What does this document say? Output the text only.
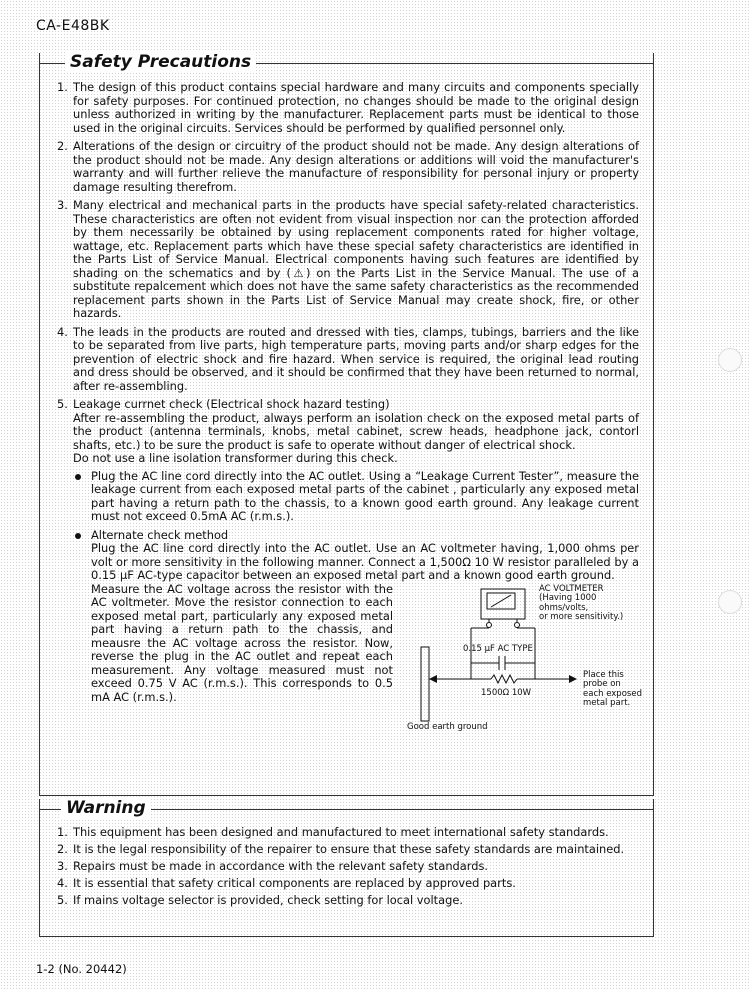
CA-E48BK
Safety Precautions
1. The design of this product contains special hardware and many circuits and components specially for safety purposes. For continued protection, no changes should be made to the original design unless authorized in writing by the manufacturer. Replacement parts must be identical to those used in the original circuits. Services should be performed by qualified personnel only.

2. Alterations of the design or circuitry of the product should not be made. Any design alterations of the product should not be made. Any design alterations or additions will void the manufacturer's warranty and will further relieve the manufacture of responsibility for personal injury or property damage resulting therefrom.

3. Many electrical and mechanical parts in the products have special safety-related characteristics. These characteristics are often not evident from visual inspection nor can the protection afforded by them necessarily be obtained by using replacement components rated for higher voltage, wattage, etc. Replacement parts which have these special safety characteristics are identified in the Parts List of Service Manual. Electrical components having such features are identified by shading on the schematics and by (⚠) on the Parts List in the Service Manual. The use of a substitute repalcement which does not have the same safety characteristics as the recommended replacement parts shown in the Parts List of Service Manual may create shock, fire, or other hazards.

4. The leads in the products are routed and dressed with ties, clamps, tubings, barriers and the like to be separated from live parts, high temperature parts, moving parts and/or sharp edges for the prevention of electric shock and fire hazard. When service is required, the original lead routing and dress should be observed, and it should be confirmed that they have been returned to normal, after re-assembling.

5. Leakage currnet check (Electrical shock hazard testing)

After re-assembling the product, always perform an isolation check on the exposed metal parts of the product (antenna terminals, knobs, metal cabinet, screw heads, headphone jack, contorl shafts, etc.) to be sure the product is safe to operate without danger of electrical shock.

Do not use a line isolation transformer during this check.

Plug the AC line cord directly into the AC outlet. Using a “Leakage Current Tester”, measure the leakage current from each exposed metal parts of the cabinet , particularly any exposed metal part having a return path to the chassis, to a known good earth ground. Any leakage current must not exceed 0.5mA AC (r.m.s.).

Alternate check method

Plug the AC line cord directly into the AC outlet. Use an AC voltmeter having, 1,000 ohms per volt or more sensitivity in the following manner. Connect a 1,500Ω 10 W resistor paralleled by a 0.15 μF AC-type capacitor between an exposed metal part and a known good earth ground.

Measure the AC voltage across the resistor with the AC voltmeter. Move the resistor connection to each exposed metal part, particularly any exposed metal part having a return path to the chassis, and meausre the AC voltage across the resistor. Now, reverse the plug in the AC outlet and repeat each measurement. Any voltage measured must not exceed 0.75 V AC (r.m.s.). This corresponds to 0.5 mA AC (r.m.s.).

AC VOLTMETER
(Having 1000
ohms/volts,
or more sensitivity.)
0.15 μF AC TYPE
1500Ω 10W
Place this
probe on
each exposed
metal part.
Good earth ground
Warning
1. This equipment has been designed and manufactured to meet international safety standards.

2. It is the legal responsibility of the repairer to ensure that these safety standards are maintained.

3. Repairs must be made in accordance with the relevant safety standards.

4. It is essential that safety critical components are replaced by approved parts.

5. If mains voltage selector is provided, check setting for local voltage.

1-2 (No. 20442)
